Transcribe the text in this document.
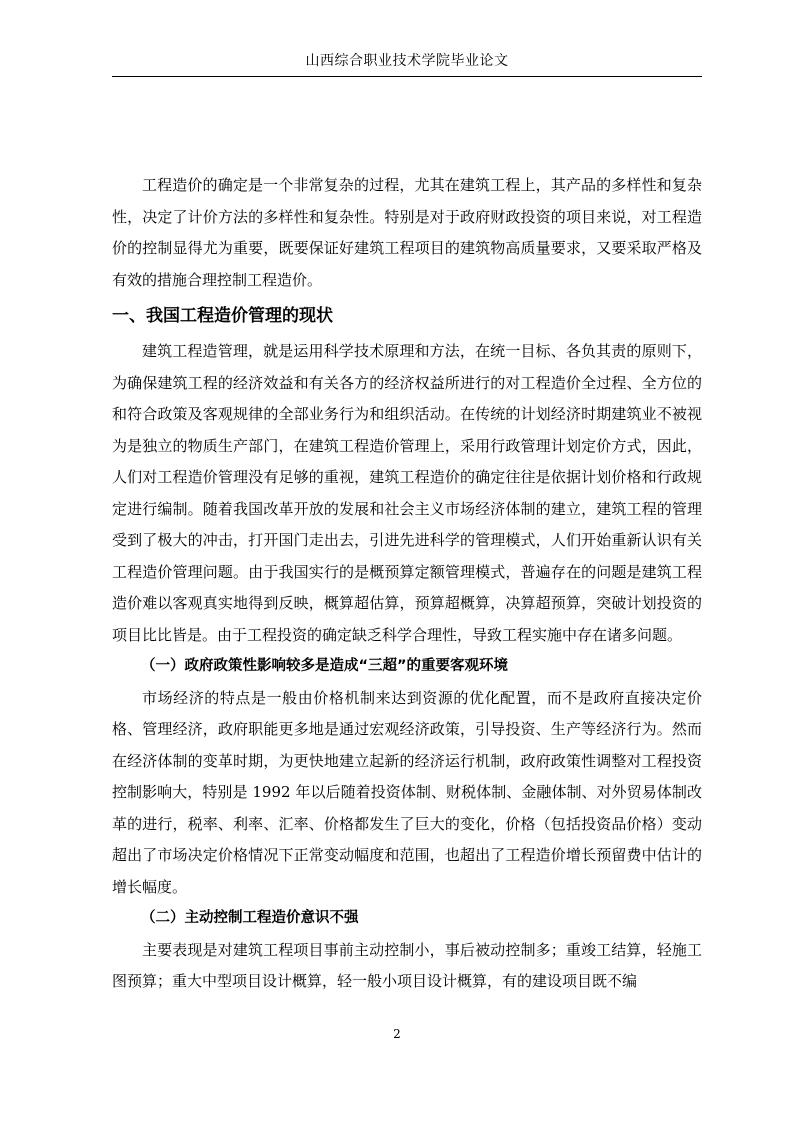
山西综合职业技术学院毕业论文

工程造价的确定是一个非常复杂的过程，尤其在建筑工程上，其产品的多样性和复杂性，决定了计价方法的多样性和复杂性。特别是对于政府财政投资的项目来说，对工程造价的控制显得尤为重要，既要保证好建筑工程项目的建筑物高质量要求，又要采取严格及有效的措施合理控制工程造价。

一、我国工程造价管理的现状

建筑工程造管理，就是运用科学技术原理和方法，在统一目标、各负其责的原则下，为确保建筑工程的经济效益和有关各方的经济权益所进行的对工程造价全过程、全方位的和符合政策及客观规律的全部业务行为和组织活动。在传统的计划经济时期建筑业不被视为是独立的物质生产部门，在建筑工程造价管理上，采用行政管理计划定价方式，因此，人们对工程造价管理没有足够的重视，建筑工程造价的确定往往是依据计划价格和行政规定进行编制。随着我国改革开放的发展和社会主义市场经济体制的建立，建筑工程的管理受到了极大的冲击，打开国门走出去，引进先进科学的管理模式，人们开始重新认识有关工程造价管理问题。由于我国实行的是概预算定额管理模式，普遍存在的问题是建筑工程造价难以客观真实地得到反映，概算超估算，预算超概算，决算超预算，突破计划投资的项目比比皆是。由于工程投资的确定缺乏科学合理性，导致工程实施中存在诸多问题。

（一）政府政策性影响较多是造成“三超”的重要客观环境

市场经济的特点是一般由价格机制来达到资源的优化配置，而不是政府直接决定价格、管理经济，政府职能更多地是通过宏观经济政策，引导投资、生产等经济行为。然而在经济体制的变革时期，为更快地建立起新的经济运行机制，政府政策性调整对工程投资控制影响大，特别是 1992 年以后随着投资体制、财税体制、金融体制、对外贸易体制改革的进行，税率、利率、汇率、价格都发生了巨大的变化，价格（包括投资品价格）变动超出了市场决定价格情况下正常变动幅度和范围，也超出了工程造价增长预留费中估计的增长幅度。

（二）主动控制工程造价意识不强

主要表现是对建筑工程项目事前主动控制小，事后被动控制多；重竣工结算，轻施工图预算；重大中型项目设计概算，轻一般小项目设计概算，有的建设项目既不编

2
